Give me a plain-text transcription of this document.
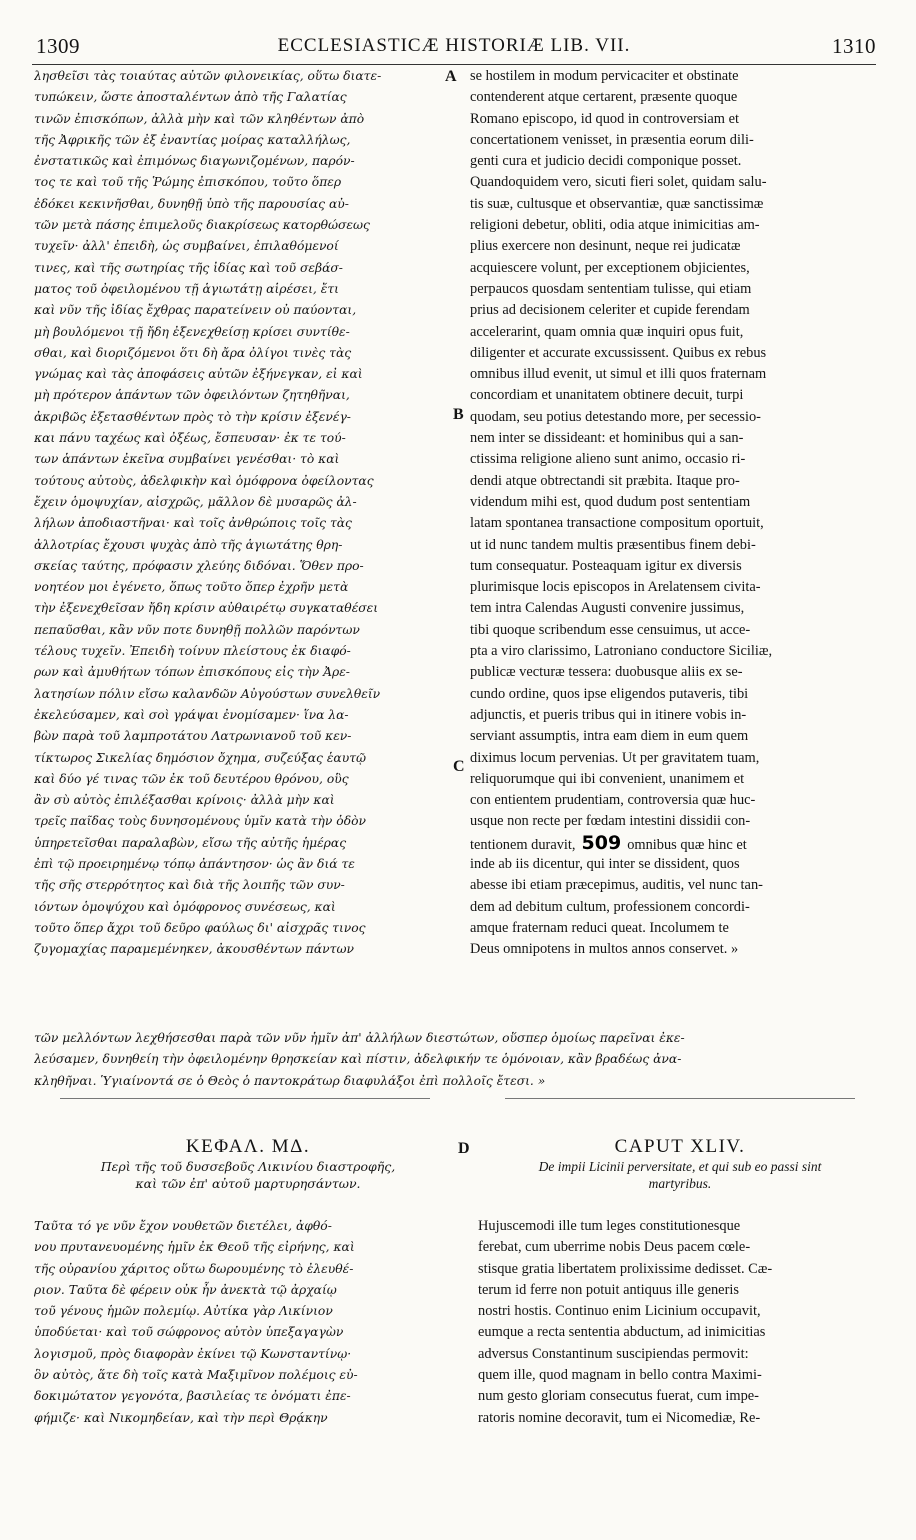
1309	ECCLESIASTICÆ HISTORIÆ LIB. VII.	1310
λησθεῖσι τὰς τοιαύτας αὐτῶν φιλονεικίας, οὕτω διατε-
τυπώκειν, ὥστε ἀποσταλέντων ἀπὸ τῆς Γαλατίας
τινῶν ἐπισκόπων, ἀλλὰ μὴν καὶ τῶν κληθέντων ἀπὸ
τῆς Ἀφρικῆς τῶν ἐξ ἐναντίας μοίρας καταλλήλως,
ἐνστατικῶς καὶ ἐπιμόνως διαγωνιζομένων, παρόν-
τος τε καὶ τοῦ τῆς Ῥώμης ἐπισκόπου, τοῦτο ὅπερ
ἐδόκει κεκινῆσθαι, δυνηθῇ ὑπὸ τῆς παρουσίας αὐ-
τῶν μετὰ πάσης ἐπιμελοῦς διακρίσεως κατορθώσεως
τυχεῖν· ἀλλ' ἐπειδὴ, ὡς συμβαίνει, ἐπιλαθόμενοί
τινες, καὶ τῆς σωτηρίας τῆς ἰδίας καὶ τοῦ σεβάσ-
ματος τοῦ ὀφειλομένου τῇ ἁγιωτάτῃ αἱρέσει, ἔτι
καὶ νῦν τῆς ἰδίας ἔχθρας παρατείνειν οὐ παύονται,
μὴ βουλόμενοι τῇ ἤδη ἐξενεχθείσῃ κρίσει συντίθε-
σθαι, καὶ διοριζόμενοι ὅτι δὴ ἄρα ὀλίγοι τινὲς τὰς
γνώμας καὶ τὰς ἀποφάσεις αὐτῶν ἐξήνεγκαν, εἰ καὶ
μὴ πρότερον ἁπάντων τῶν ὀφειλόντων ζητηθῆναι,
ἀκριβῶς ἐξετασθέντων πρὸς τὸ τὴν κρίσιν ἐξενέγ-
και πάνυ ταχέως καὶ ὀξέως, ἔσπευσαν· ἐκ τε τού-
των ἁπάντων ἐκεῖνα συμβαίνει γενέσθαι· τὸ καὶ
τούτους αὐτοὺς, ἀδελφικὴν καὶ ὁμόφρονα ὀφείλοντας
ἔχειν ὁμοψυχίαν, αἰσχρῶς, μᾶλλον δὲ μυσαρῶς ἀλ-
λήλων ἀποδιαστῆναι· καὶ τοῖς ἀνθρώποις τοῖς τὰς
ἀλλοτρίας ἔχουσι ψυχὰς ἀπὸ τῆς ἁγιωτάτης θρη-
σκείας ταύτης, πρόφασιν χλεύης διδόναι. Ὅθεν προ-
νοητέον μοι ἐγένετο, ὅπως τοῦτο ὅπερ ἐχρῆν μετὰ
τὴν ἐξενεχθεῖσαν ἤδη κρίσιν αὐθαιρέτῳ συγκαταθέσει
πεπαῦσθαι, κἂν νῦν ποτε δυνηθῇ πολλῶν παρόντων
τέλους τυχεῖν. Ἐπειδὴ τοίνυν πλείστους ἐκ διαφό-
ρων καὶ ἀμυθήτων τόπων ἐπισκόπους εἰς τὴν Ἀρε-
λατησίων πόλιν εἴσω καλανδῶν Αὐγούστων συνελθεῖν
ἐκελεύσαμεν, καὶ σοὶ γράψαι ἐνομίσαμεν· ἵνα λα-
βὼν παρὰ τοῦ λαμπροτάτου Λατρωνιανοῦ τοῦ κεν-
τίκτωρος Σικελίας δημόσιον ὄχημα, συζεύξας ἑαυτῷ
καὶ δύο γέ τινας τῶν ἐκ τοῦ δευτέρου θρόνου, οὓς
ἂν σὺ αὐτὸς ἐπιλέξασθαι κρίνοις· ἀλλὰ μὴν καὶ
τρεῖς παῖδας τοὺς δυνησομένους ὑμῖν κατὰ τὴν ὁδὸν
ὑπηρετεῖσθαι παραλαβὼν, εἴσω τῆς αὐτῆς ἡμέρας
ἐπὶ τῷ προειρημένῳ τόπῳ ἀπάντησον· ὡς ἂν διά τε
τῆς σῆς στερρότητος καὶ διὰ τῆς λοιπῆς τῶν συν-
ιόντων ὁμοψύχου καὶ ὁμόφρονος συνέσεως, καὶ
τοῦτο ὅπερ ἄχρι τοῦ δεῦρο φαύλως δι' αἰσχρᾶς τινος
ζυγομαχίας παραμεμένηκεν, ἀκουσθέντων πάντων
se hostilem in modum pervicaciter et obstinate
contenderent atque certarent, præsente quoque
Romano episcopo, id quod in controversiam et
concertationem venisset, in præsentia eorum dili-
genti cura et judicio decidi componique posset.
Quandoquidem vero, sicuti fieri solet, quidam salu-
tis suæ, cultusque et observantiæ, quæ sanctissimæ
religioni debetur, obliti, odia atque inimicitias am-
plius exercere non desinunt, neque rei judicatæ
acquiescere volunt, per exceptionem objicientes,
perpaucos quosdam sententiam tulisse, qui etiam
prius ad decisionem celeriter et cupide ferendam
accelerarint, quam omnia quæ inquiri opus fuit,
diligenter et accurate excussissent. Quibus ex rebus
omnibus illud evenit, ut simul et illi quos fraternam
concordiam et unanitatem obtinere decuit, turpi
quodam, seu potius detestando more, per secessio-
nem inter se dissideant: et hominibus qui a san-
ctissima religione alieno sunt animo, occasio ri-
dendi atque obtrectandi sit præbita. Itaque pro-
videndum mihi est, quod dudum post sententiam
latam spontanea transactione compositum oportuit,
ut id nunc tandem multis præsentibus finem debi-
tum consequatur. Posteaquam igitur ex diversis
plurimisque locis episcopos in Arelatensem civita-
tem intra Calendas Augusti convenire jussimus,
tibi quoque scribendum esse censuimus, ut acce-
pta a viro clarissimo, Latroniano conductore Siciliæ,
publicæ vecturæ tessera: duobusque aliis ex se-
cundo ordine, quos ipse eligendos putaveris, tibi
adjunctis, et pueris tribus qui in itinere vobis in-
serviant assumptis, intra eam diem in eum quem
diximus locum pervenias. Ut per gravitatem tuam,
reliquorumque qui ibi convenient, unanimem et
con entientem prudentiam, controversia quæ huc-
usque non recte per fœdam intestini dissidii con-
tentionem duravit, 509 omnibus quæ hinc et
inde ab iis dicentur, qui inter se dissident, quos
abesse ibi etiam præcepimus, auditis, vel nunc tan-
dem ad debitum cultum, professionem concordi-
amque fraternam reduci queat. Incolumem te
Deus omnipotens in multos annos conservet. »
A
B
C
D
τῶν μελλόντων λεχθήσεσθαι παρὰ τῶν νῦν ἡμῖν ἀπ' ἀλλήλων διεστώτων, οὕσπερ ὁμοίως παρεῖναι ἐκε-
λεύσαμεν, δυνηθείη τὴν ὀφειλομένην θρησκείαν καὶ πίστιν, ἀδελφικήν τε ὁμόνοιαν, κἂν βραδέως ἀνα-
κληθῆναι. Ὑγιαίνοντά σε ὁ Θεὸς ὁ παντοκράτωρ διαφυλάξοι ἐπὶ πολλοῖς ἔτεσι. »
ΚΕΦΑΛ. ΜΔ.
Περὶ τῆς τοῦ δυσσεβοῦς Λικινίου διαστροφῆς,
καὶ τῶν ἐπ' αὐτοῦ μαρτυρησάντων.
CAPUT XLIV.
De impii Licinii perversitate, et qui sub eo passi sint
martyribus.
Ταῦτα τό γε νῦν ἔχον νουθετῶν διετέλει, ἀφθό-
νου πρυτανευομένης ἡμῖν ἐκ Θεοῦ τῆς εἰρήνης, καὶ
τῆς οὐρανίου χάριτος οὕτω δωρουμένης τὸ ἐλευθέ-
ριον. Ταῦτα δὲ φέρειν οὐκ ἦν ἀνεκτὰ τῷ ἀρχαίῳ
τοῦ γένους ἡμῶν πολεμίῳ. Αὐτίκα γὰρ Λικίνιον
ὑποδύεται· καὶ τοῦ σώφρονος αὐτὸν ὑπεξαγαγὼν
λογισμοῦ, πρὸς διαφορὰν ἐκίνει τῷ Κωνσταντίνῳ·
ὃν αὐτὸς, ἅτε δὴ τοῖς κατὰ Μαξιμῖνον πολέμοις εὐ-
δοκιμώτατον γεγονότα, βασιλείας τε ὀνόματι ἐπε-
φήμιζε· καὶ Νικομηδείαν, καὶ τὴν περὶ Θρᾴκην
Hujuscemodi ille tum leges constitutionesque
ferebat, cum uberrime nobis Deus pacem cœle-
stisque gratia libertatem prolixissime dedisset. Cæ-
terum id ferre non potuit antiquus ille generis
nostri hostis. Continuo enim Licinium occupavit,
eumque a recta sententia abductum, ad inimicitias
adversus Constantinum suscipiendas permovit:
quem ille, quod magnam in bello contra Maximi-
num gesto gloriam consecutus fuerat, cum impe-
ratoris nomine decoravit, tum ei Nicomediæ, Re-
